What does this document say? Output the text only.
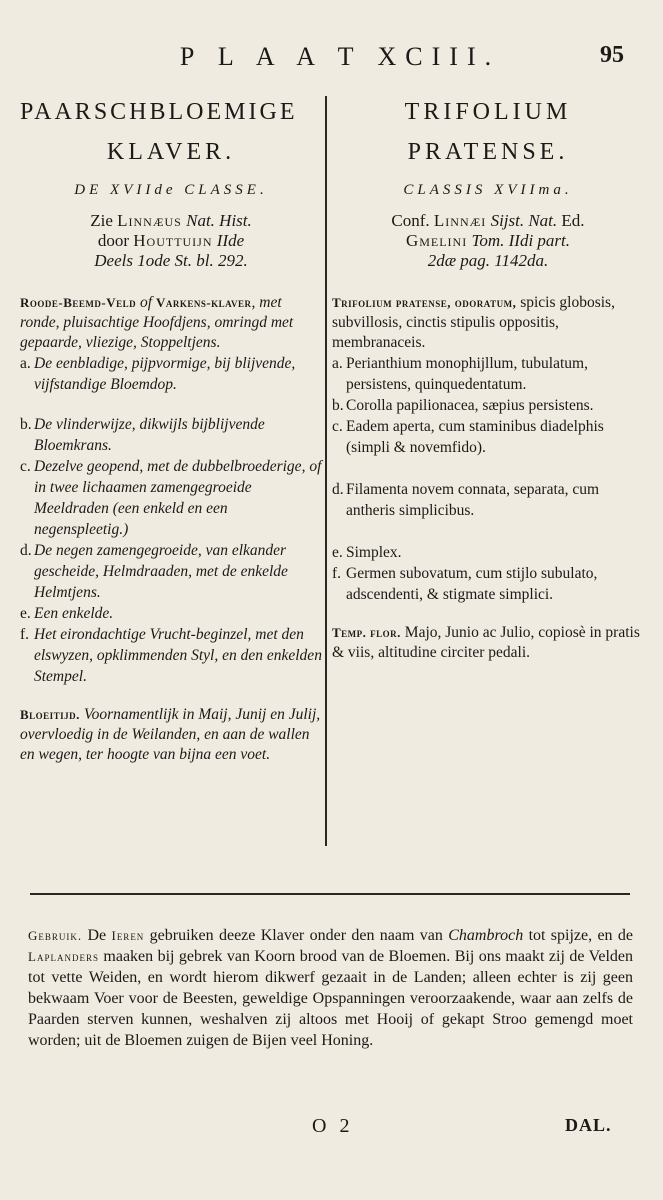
P L A A T XCIII.	95

PAARSCHBLOEMIGE

KLAVER.

DE XVIIde CLASSE.
Zie Linnæus Nat. Hist.
door Houttuijn IIde
Deels 1ode St. bl. 292.

Roode-Beemd-Veld of Varkens-klaver, met ronde, pluisachtige Hoofdjens, omringd met gepaarde, vliezige, Stoppeltjens.

a. De eenbladige, pijpvormige, bij blijvende, vijfstandige Bloemdop.
b. De vlinderwijze, dikwijls bijblijvende Bloemkrans.
c. Dezelve geopend, met de dubbelbroederige, of in twee lichaamen zamengegroeide Meeldraden (een enkeld en een negenspleetig.)
d. De negen zamengegroeide, van elkander gescheide, Helmdraaden, met de enkelde Helmtjens.
e. Een enkelde.
f. Het eirondachtige Vrucht-beginzel, met den elswyzen, opklimmenden Styl, en den enkelden Stempel.

Bloeitijd. Voornamentlijk in Maij, Junij en Julij, overvloedig in de Weilanden, en aan de wallen en wegen, ter hoogte van bijna een voet.

TRIFOLIUM

PRATENSE.

CLASSIS XVIIma.
Conf. Linnæi Sijst. Nat. Ed.
Gmelini Tom. IIdi part.
2dæ pag. 1142da.

Trifolium pratense, odoratum, spicis globosis, subvillosis, cinctis stipulis oppositis, membranaceis.

a. Perianthium monophijllum, tubulatum, persistens, quinquedentatum.
b. Corolla papilionacea, sæpius persistens.
c. Eadem aperta, cum staminibus diadelphis (simpli & novemfido).
d. Filamenta novem connata, separata, cum antheris simplicibus.
e. Simplex.
f. Germen subovatum, cum stijlo subulato, adscendenti, & stigmate simplici.

Temp. flor. Majo, Junio ac Julio, copiosè in pratis & viis, altitudine circiter pedali.

Gebruik. De Ieren gebruiken deeze Klaver onder den naam van Chambroch tot spijze, en de Laplanders maaken bij gebrek van Koorn brood van de Bloemen. Bij ons maakt zij de Velden tot vette Weiden, en wordt hierom dikwerf gezaait in de Landen; alleen echter is zij geen bekwaam Voer voor de Beesten, geweldige Opspanningen veroorzaakende, waar aan zelfs de Paarden sterven kunnen, weshalven zij altoos met Hooij of gekapt Stroo gemengd moet worden; uit de Bloemen zuigen de Bijen veel Honing.
O 2	DAL.
